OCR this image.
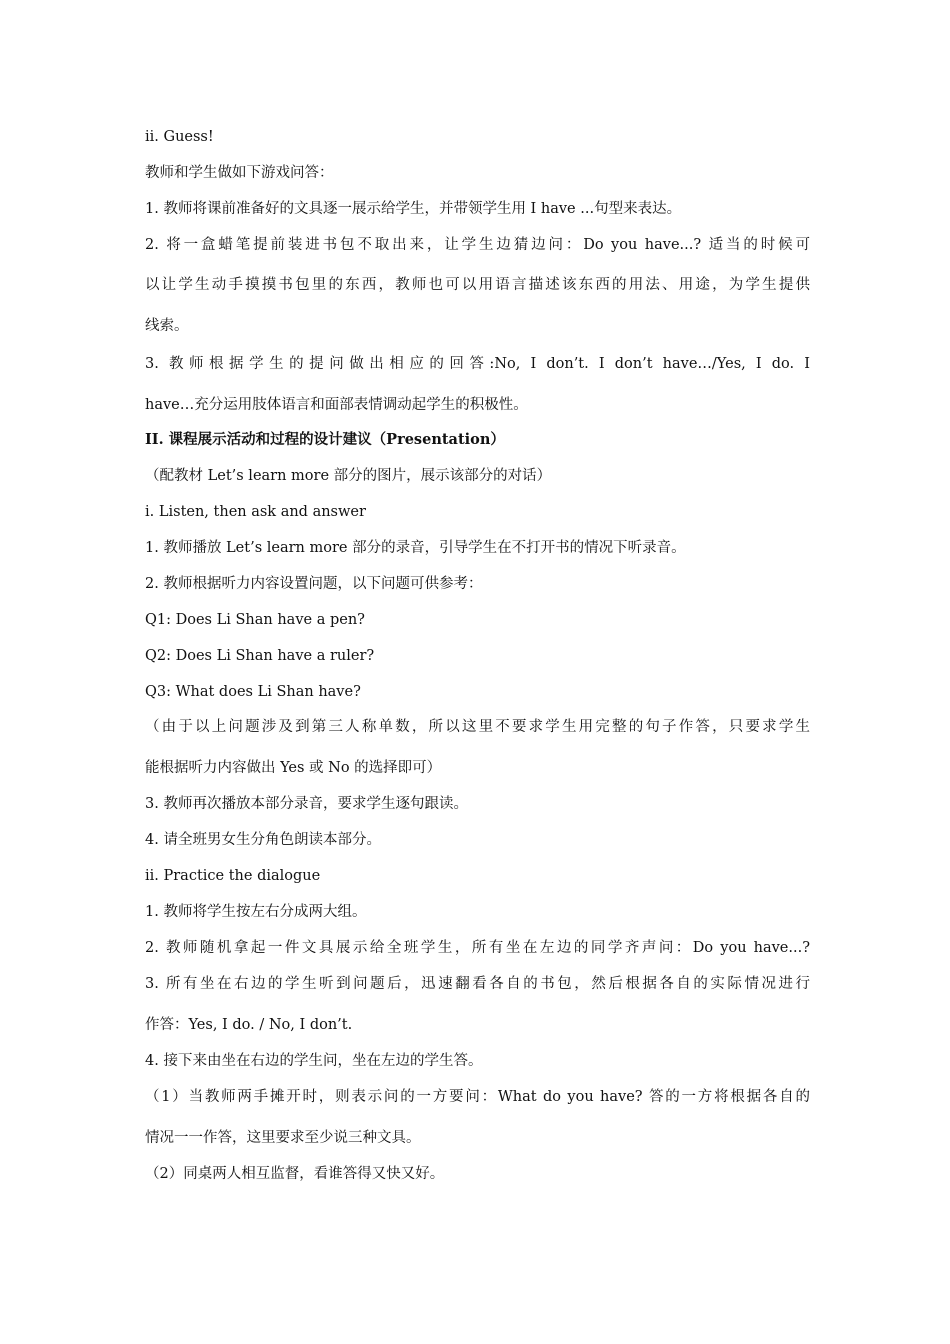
ii. Guess!
教师和学生做如下游戏问答：
1. 教师将课前准备好的文具逐一展示给学生，并带领学生用 I have ...句型来表达。
2. 将一盒蜡笔提前装进书包不取出来，让学生边猜边问：Do you have...? 适当的时候可
以让学生动手摸摸书包里的东西，教师也可以用语言描述该东西的用法、用途，为学生提供
线索。
3. 教师根据学生的提问做出相应的回答:No, I don’t. I don’t have…/Yes, I do. I
have…充分运用肢体语言和面部表情调动起学生的积极性。
II. 课程展示活动和过程的设计建议（Presentation）
（配教材 Let’s learn more 部分的图片，展示该部分的对话）
i. Listen, then ask and answer
1. 教师播放 Let’s learn more 部分的录音，引导学生在不打开书的情况下听录音。
2. 教师根据听力内容设置问题，以下问题可供参考：
Q1: Does Li Shan have a pen?
Q2: Does Li Shan have a ruler?
Q3: What does Li Shan have?
（由于以上问题涉及到第三人称单数，所以这里不要求学生用完整的句子作答，只要求学生
能根据听力内容做出 Yes 或 No 的选择即可）
3. 教师再次播放本部分录音，要求学生逐句跟读。
4. 请全班男女生分角色朗读本部分。
ii. Practice the dialogue
1. 教师将学生按左右分成两大组。
2. 教师随机拿起一件文具展示给全班学生，所有坐在左边的同学齐声问：Do you have...?
3. 所有坐在右边的学生听到问题后，迅速翻看各自的书包，然后根据各自的实际情况进行
作答：Yes, I do. / No, I don’t.
4. 接下来由坐在右边的学生问，坐在左边的学生答。
（1）当教师两手摊开时，则表示问的一方要问：What do you have? 答的一方将根据各自的
情况一一作答，这里要求至少说三种文具。
（2）同桌两人相互监督，看谁答得又快又好。
